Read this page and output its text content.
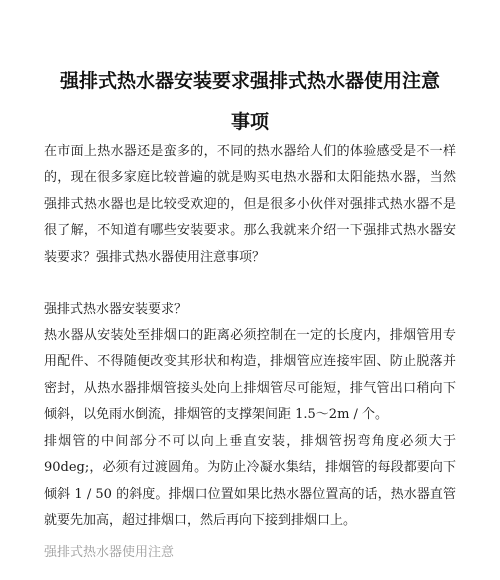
强排式热水器安装要求强排式热水器使用注意
事项

在市面上热水器还是蛮多的，不同的热水器给人们的体验感受是不一样的，现在很多家庭比较普遍的就是购买电热水器和太阳能热水器，当然强排式热水器也是比较受欢迎的，但是很多小伙伴对强排式热水器不是很了解，不知道有哪些安装要求。那么我就来介绍一下强排式热水器安装要求？强排式热水器使用注意事项？

强排式热水器安装要求？

热水器从安装处至排烟口的距离必须控制在一定的长度内，排烟管用专用配件、不得随便改变其形状和构造，排烟管应连接牢固、防止脱落并密封，从热水器排烟管接头处向上排烟管尽可能短，排气管出口稍向下倾斜，以免雨水倒流，排烟管的支撑架间距 1.5～2m / 个。

排烟管的中间部分不可以向上垂直安装，排烟管拐弯角度必须大于 90deg;，必须有过渡圆角。为防止冷凝水集结，排烟管的每段都要向下倾斜 1 / 50 的斜度。排烟口位置如果比热水器位置高的话，热水器直管就要先加高，超过排烟口，然后再向下接到排烟口上。

强排式热水器使用注意
